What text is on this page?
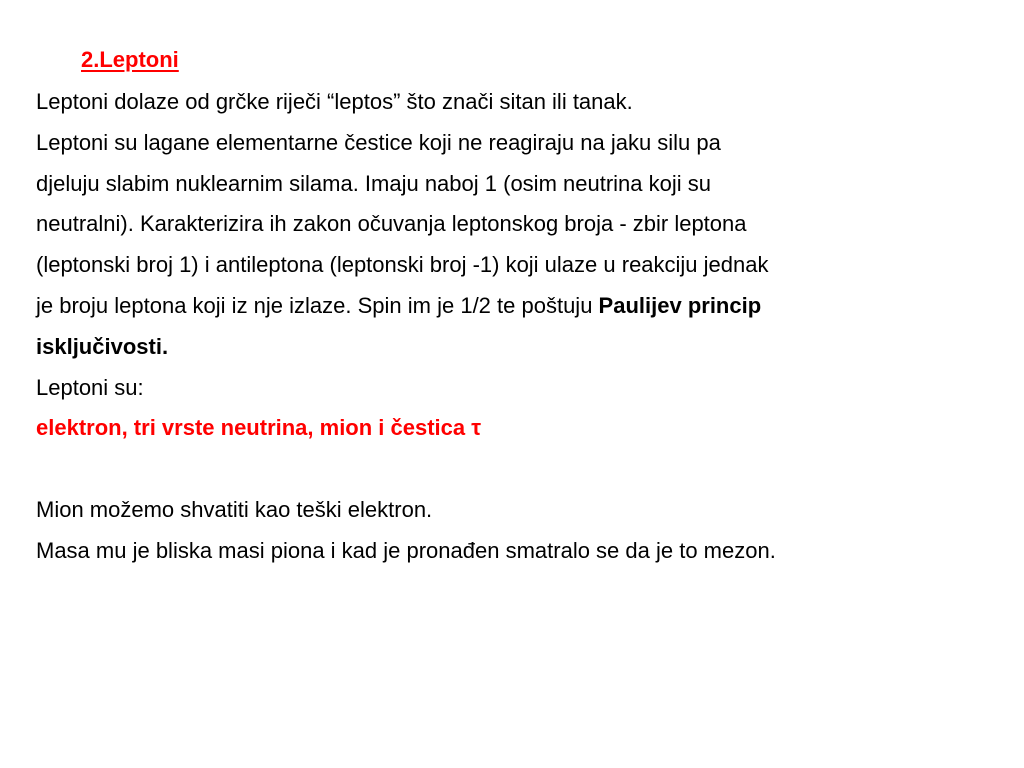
2.Leptoni
Leptoni dolaze od grčke riječi “leptos” što znači sitan ili tanak.
Leptoni su lagane elementarne čestice koji ne reagiraju na jaku silu pa
djeluju slabim nuklearnim silama. Imaju naboj 1 (osim neutrina koji su
neutralni). Karakterizira ih zakon očuvanja leptonskog broja - zbir leptona
(leptonski broj 1) i antileptona (leptonski broj -1) koji ulaze u reakciju jednak
je broju leptona koji iz nje izlaze. Spin im je 1/2 te poštuju Paulijev princip
isključivosti.
Leptoni su:
elektron, tri vrste neutrina, mion i čestica τ
Mion možemo shvatiti kao teški elektron.
Masa mu je bliska masi piona i kad je pronađen smatralo se da je to mezon.
